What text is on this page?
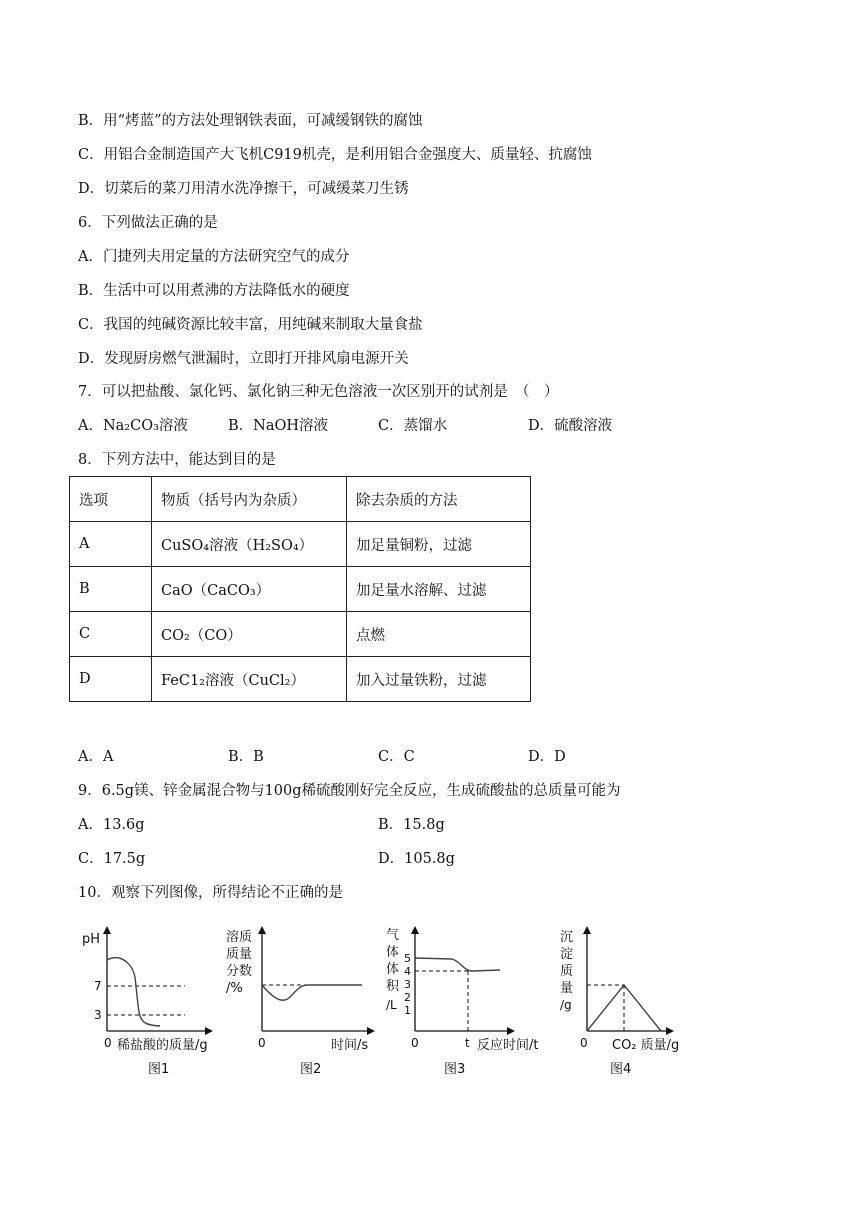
B．用“烤蓝”的方法处理钢铁表面，可减缓钢铁的腐蚀
C．用铝合金制造国产大飞机C919机壳，是利用铝合金强度大、质量轻、抗腐蚀
D．切菜后的菜刀用清水洗净擦干，可减缓菜刀生锈
6．下列做法正确的是
A．门捷列夫用定量的方法研究空气的成分
B．生活中可以用煮沸的方法降低水的硬度
C．我国的纯碱资源比较丰富，用纯碱来制取大量食盐
D．发现厨房燃气泄漏时，立即打开排风扇电源开关
7．可以把盐酸、氯化钙、氯化钠三种无色溶液一次区别开的试剂是　（　）
A．Na₂CO₃溶液	B．NaOH溶液	C．蒸馏水	D．硫酸溶液
8．下列方法中，能达到目的是
选项	物质（括号内为杂质）	除去杂质的方法
A	CuSO₄溶液（H₂SO₄）	加足量铜粉，过滤
B	CaO（CaCO₃）	加足量水溶解、过滤
C	CO₂（CO）	点燃
D	FeC1₂溶液（CuCl₂）	加入过量铁粉，过滤
A．A	B．B	C．C	D．D
9．6.5g镁、锌金属混合物与100g稀硫酸刚好完全反应，生成硫酸盐的总质量可能为
A．13.6g	B．15.8g
C．17.5g	D．105.8g
10．观察下列图像，所得结论不正确的是
pH
7
3
0 稀盐酸的质量/g
图1
溶质
质量
分数
/%
0	时间/s
图2
气
体
体
积
/L
5
4
3
2
1
0	t 反应时间/t
图3
沉
淀
质
量
/g
0 CO₂ 质量/g
图4
